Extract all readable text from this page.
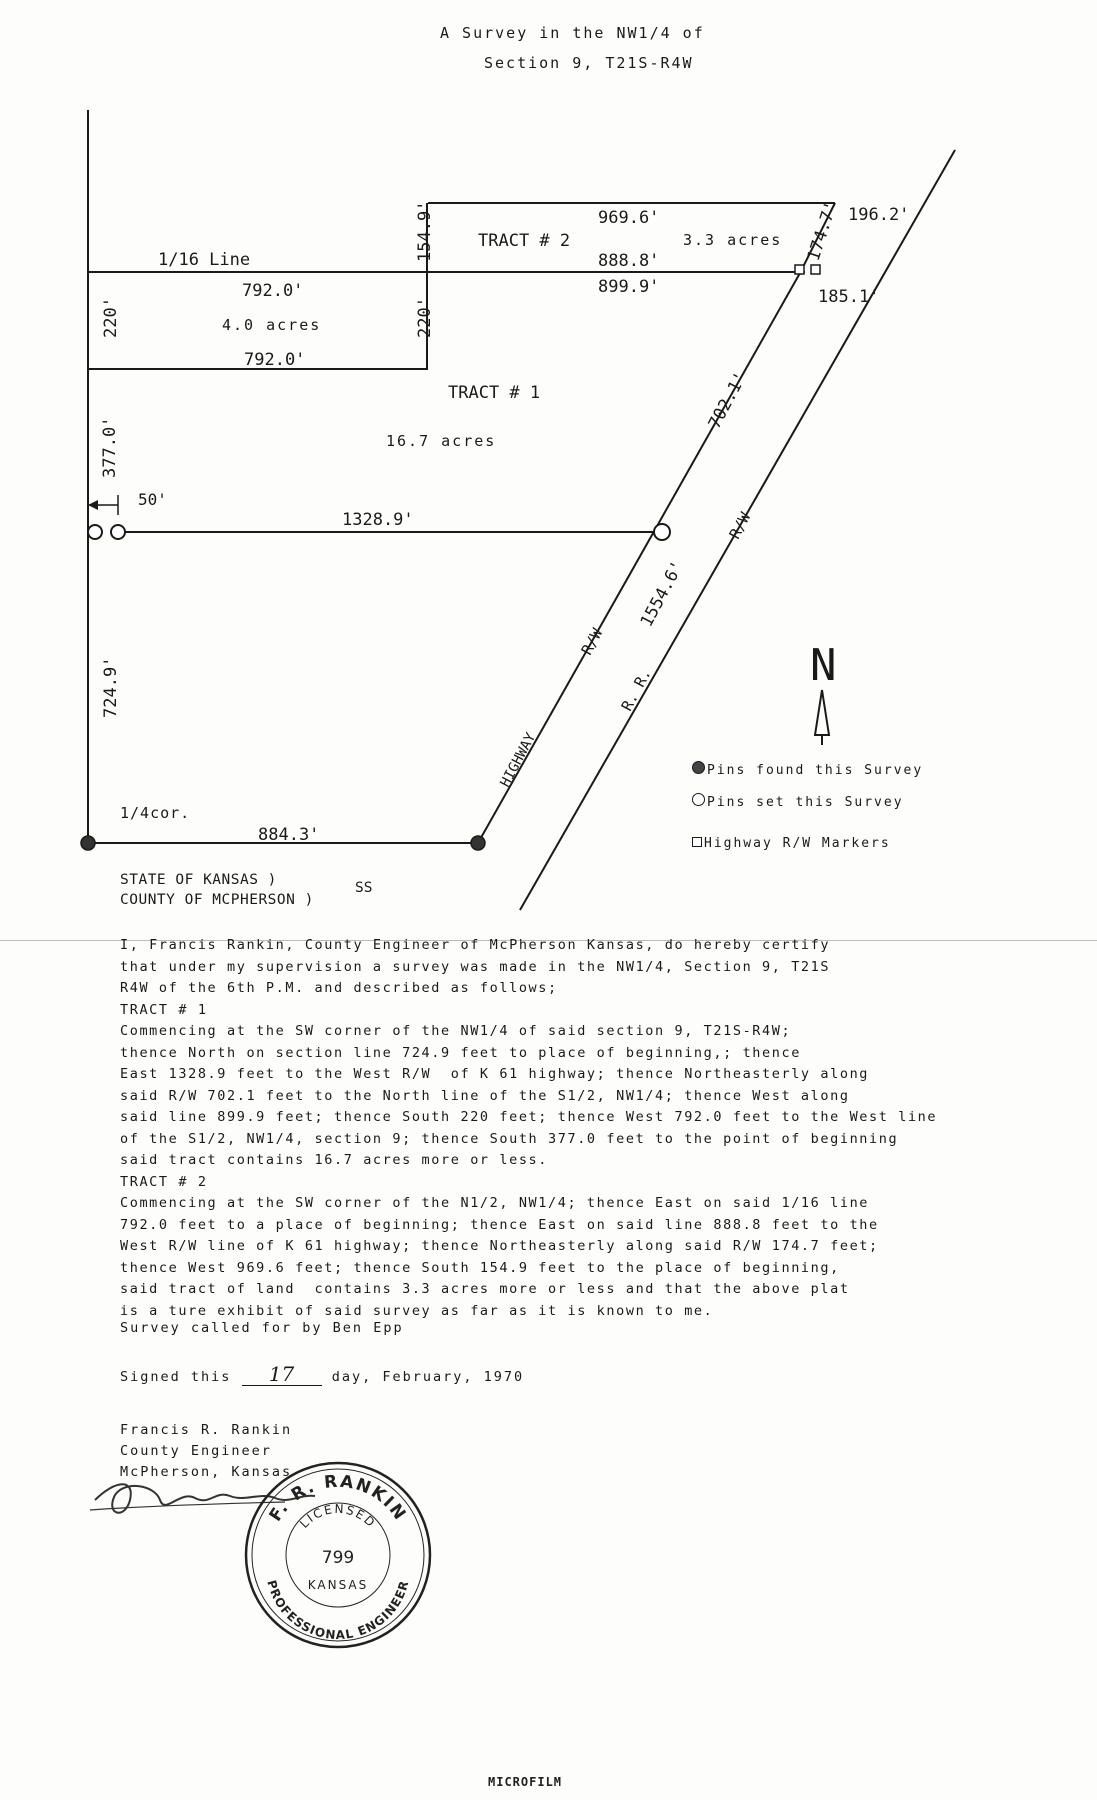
A Survey in the NW1/4 of
Section 9, T21S-R4W
N
1/16 Line
792.0'
4.0 acres
792.0'
TRACT # 2
969.6'
888.8'
899.9'
3.3 acres
196.2'
185.1'
TRACT # 1
16.7 acres
1328.9'
50'
1/4cor.
884.3'
220'	220'
154.9'
377.0'
724.9'
174.7'
702.1'
1554.6'
R/W
R/W
R. R.
HIGHWAY	Pins found this Survey
Pins set this Survey
Highway R/W Markers
STATE OF KANSAS )
COUNTY OF MCPHERSON )
SS
I, Francis Rankin, County Engineer of McPherson Kansas, do hereby certify
that under my supervision a survey was made in the NW1/4, Section 9, T21S
R4W of the 6th P.M. and described as follows;
TRACT # 1
Commencing at the SW corner of the NW1/4 of said section 9, T21S-R4W;
thence North on section line 724.9 feet to place of beginning,; thence
East 1328.9 feet to the West R/W  of K 61 highway; thence Northeasterly along
said R/W 702.1 feet to the North line of the S1/2, NW1/4; thence West along
said line 899.9 feet; thence South 220 feet; thence West 792.0 feet to the West line
of the S1/2, NW1/4, section 9; thence South 377.0 feet to the point of beginning
said tract contains 16.7 acres more or less.
TRACT # 2
Commencing at the SW corner of the N1/2, NW1/4; thence East on said 1/16 line
792.0 feet to a place of beginning; thence East on said line 888.8 feet to the
West R/W line of K 61 highway; thence Northeasterly along said R/W 174.7 feet;
thence West 969.6 feet; thence South 154.9 feet to the place of beginning,
said tract of land  contains 3.3 acres more or less and that the above plat
is a ture exhibit of said survey as far as it is known to me.
Survey called for by Ben Epp
Signed this 17	day, February, 1970
Francis R. Rankin
County Engineer
McPherson, Kansas
F. R. RANKIN
PROFESSIONAL ENGINEER
LICENSED
799
KANSAS
MICROFILM
